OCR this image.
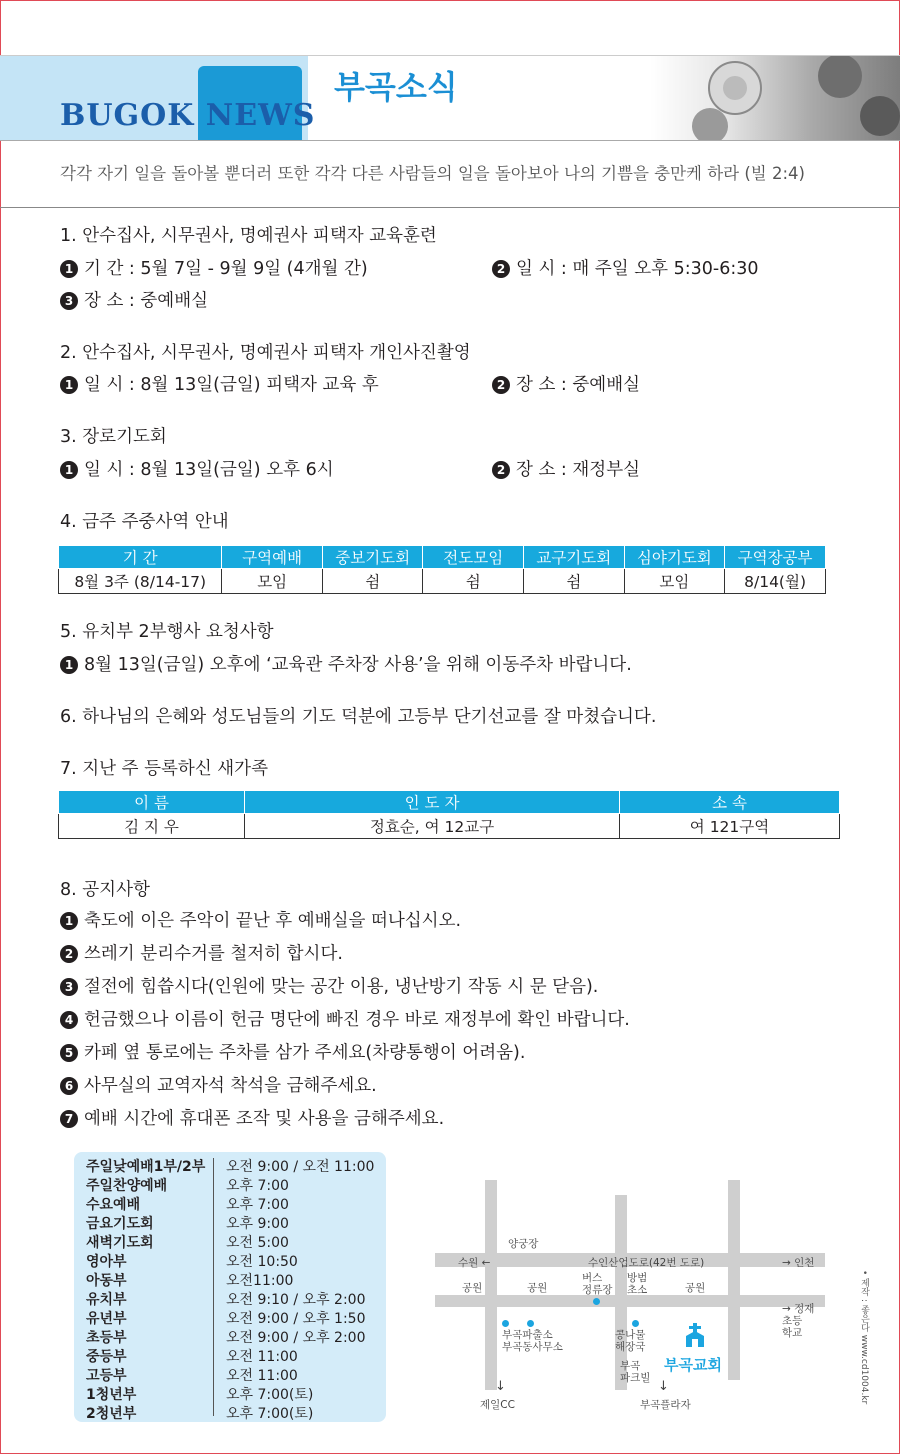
BUGOK NEWS
부곡소식
각각 자기 일을 돌아볼 뿐더러 또한 각각 다른 사람들의 일을 돌아보아 나의 기쁨을 충만케 하라 (빌 2:4)
1. 안수집사, 시무권사, 명예권사 피택자 교육훈련
1 기 간 : 5월 7일 - 9월 9일 (4개월 간)	2 일 시 : 매 주일 오후 5:30-6:30
3 장 소 : 중예배실
2. 안수집사, 시무권사, 명예권사 피택자 개인사진촬영
1 일 시 : 8월 13일(금일) 피택자 교육 후	2 장 소 : 중예배실
3. 장로기도회
1 일 시 : 8월 13일(금일) 오후 6시	2 장 소 : 재정부실
4. 금주 주중사역 안내
기 간	구역예배	중보기도회	전도모임	교구기도회	심야기도회	구역장공부
8월 3주 (8/14-17)	모임	쉼	쉼	쉼	모임	8/14(월)
5. 유치부 2부행사 요청사항
1 8월 13일(금일) 오후에 ‘교육관 주차장 사용’을 위해 이동주차 바랍니다.
6. 하나님의 은혜와 성도님들의 기도 덕분에 고등부 단기선교를 잘 마쳤습니다.
7. 지난 주 등록하신 새가족
이 름	인 도 자	소 속
김 지 우	정효순, 여 12교구	여 121구역
8. 공지사항
1 축도에 이은 주악이 끝난 후 예배실을 떠나십시오.
2 쓰레기 분리수거를 철저히 합시다.
3 절전에 힘씁시다(인원에 맞는 공간 이용, 냉난방기 작동 시 문 닫음).
4 헌금했으나 이름이 헌금 명단에 빠진 경우 바로 재정부에 확인 바랍니다.
5 카페 옆 통로에는 주차를 삼가 주세요(차량통행이 어려움).
6 사무실의 교역자석 착석을 금해주세요.
7 예배 시간에 휴대폰 조작 및 사용을 금해주세요.
주일낮예배1부/2부 오전 9:00 / 오전 11:00
주일찬양예배	오후 7:00
수요예배	오후 7:00
금요기도회	오후 9:00
새벽기도회	오전 5:00
영아부	오전 10:50
아동부	오전11:00
유치부	오전 9:10 / 오후 2:00
유년부	오전 9:00 / 오후 1:50
초등부	오전 9:00 / 오후 2:00
중등부	오전 11:00
고등부	오전 11:00
1청년부	오후 7:00(토)
2청년부	오후 7:00(토)
양궁장
수원 ←	수인산업도로(42번 도로)	→ 인천
공원	공원
버스
정류장
방범
초소	공원
→ 정재
초등
학교
부곡파출소
부곡동사무소
콩나물
해장국
부곡
파크빌
부곡교회
↓	↓
제일CC	부곡플라자
• 제작 : 좋은다 www.cd1004.kr
